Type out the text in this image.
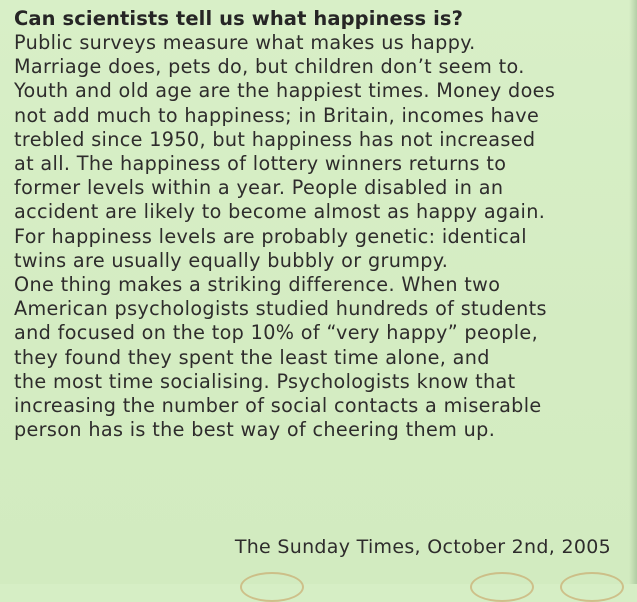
Can scientists tell us what happiness is?
Public surveys measure what makes us happy.
Marriage does, pets do, but children don’t seem to.
Youth and old age are the happiest times. Money does
not add much to happiness; in Britain, incomes have
trebled since 1950, but happiness has not increased
at all. The happiness of lottery winners returns to
former levels within a year. People disabled in an
accident are likely to become almost as happy again.
For happiness levels are probably genetic: identical
twins are usually equally bubbly or grumpy.
One thing makes a striking difference. When two
American psychologists studied hundreds of students
and focused on the top 10% of “very happy” people,
they found they spent the least time alone, and
the most time socialising. Psychologists know that
increasing the number of social contacts a miserable
person has is the best way of cheering them up.
The Sunday Times, October 2nd, 2005
